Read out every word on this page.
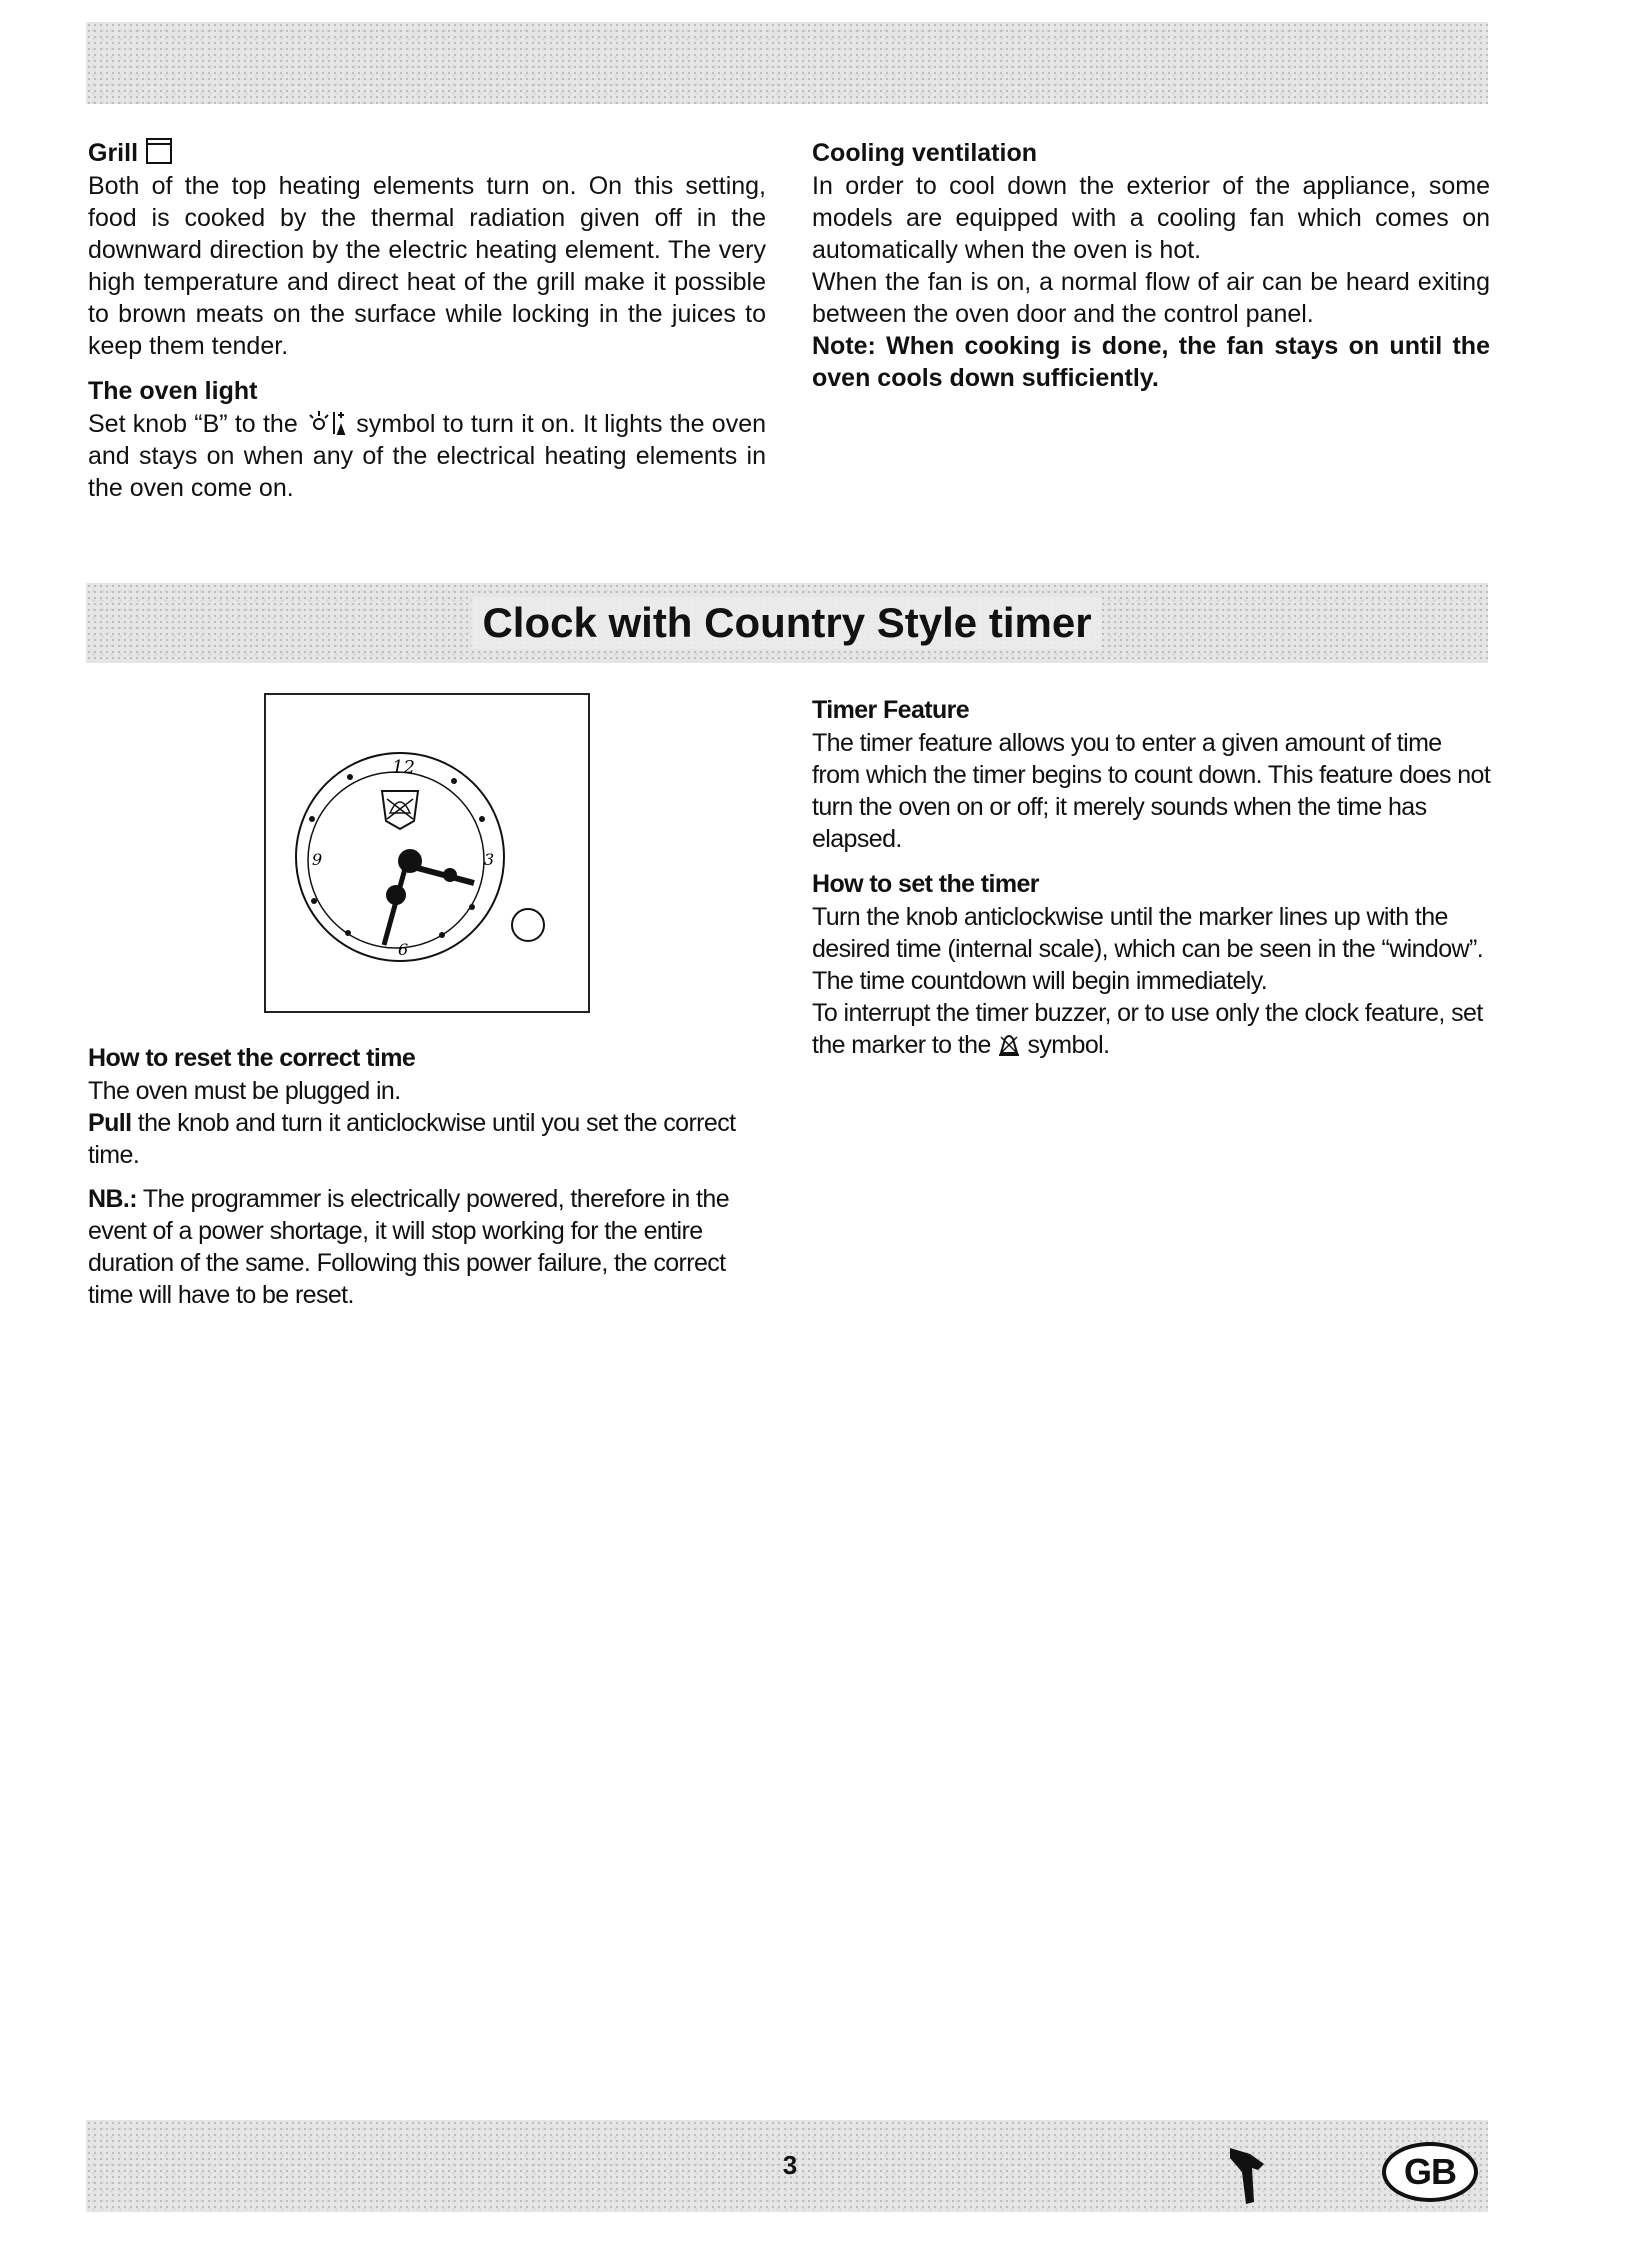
Grill

Both of the top heating elements turn on. On this setting, food is cooked by the thermal radiation given off in the downward direction by the electric heating element. The very high temperature and direct heat of the grill make it possible to brown meats on the surface while locking in the juices to keep them tender.

The oven light

Set knob “B” to the symbol to turn it on. It lights the oven and stays on when any of the electrical heating elements in the oven come on.

Cooling ventilation

In order to cool down the exterior of the appliance, some models are equipped with a cooling fan which comes on automatically when the oven is hot.

When the fan is on, a normal flow of air can be heard exiting between the oven door and the control panel.

Note: When cooking is done, the fan stays on until the oven cools down sufficiently.

Clock with Country Style timer
12
3
6
9

How to reset the correct time

The oven must be plugged in.

Pull the knob and turn it anticlockwise until you set the correct time.

NB.: The programmer is electrically powered, therefore in the event of a power shortage, it will stop working for the entire duration of the same. Following this power failure, the correct time will have to be reset.

Timer Feature

The timer feature allows you to enter a given amount of time from which the timer begins to count down. This feature does not turn the oven on or off; it merely sounds when the time has elapsed.

How to set the timer

Turn the knob anticlockwise until the marker lines up with the desired time (internal scale), which can be seen in the “window”. The time countdown will begin immediately.

To interrupt the timer buzzer, or to use only the clock feature, set the marker to the symbol.

3	GB
